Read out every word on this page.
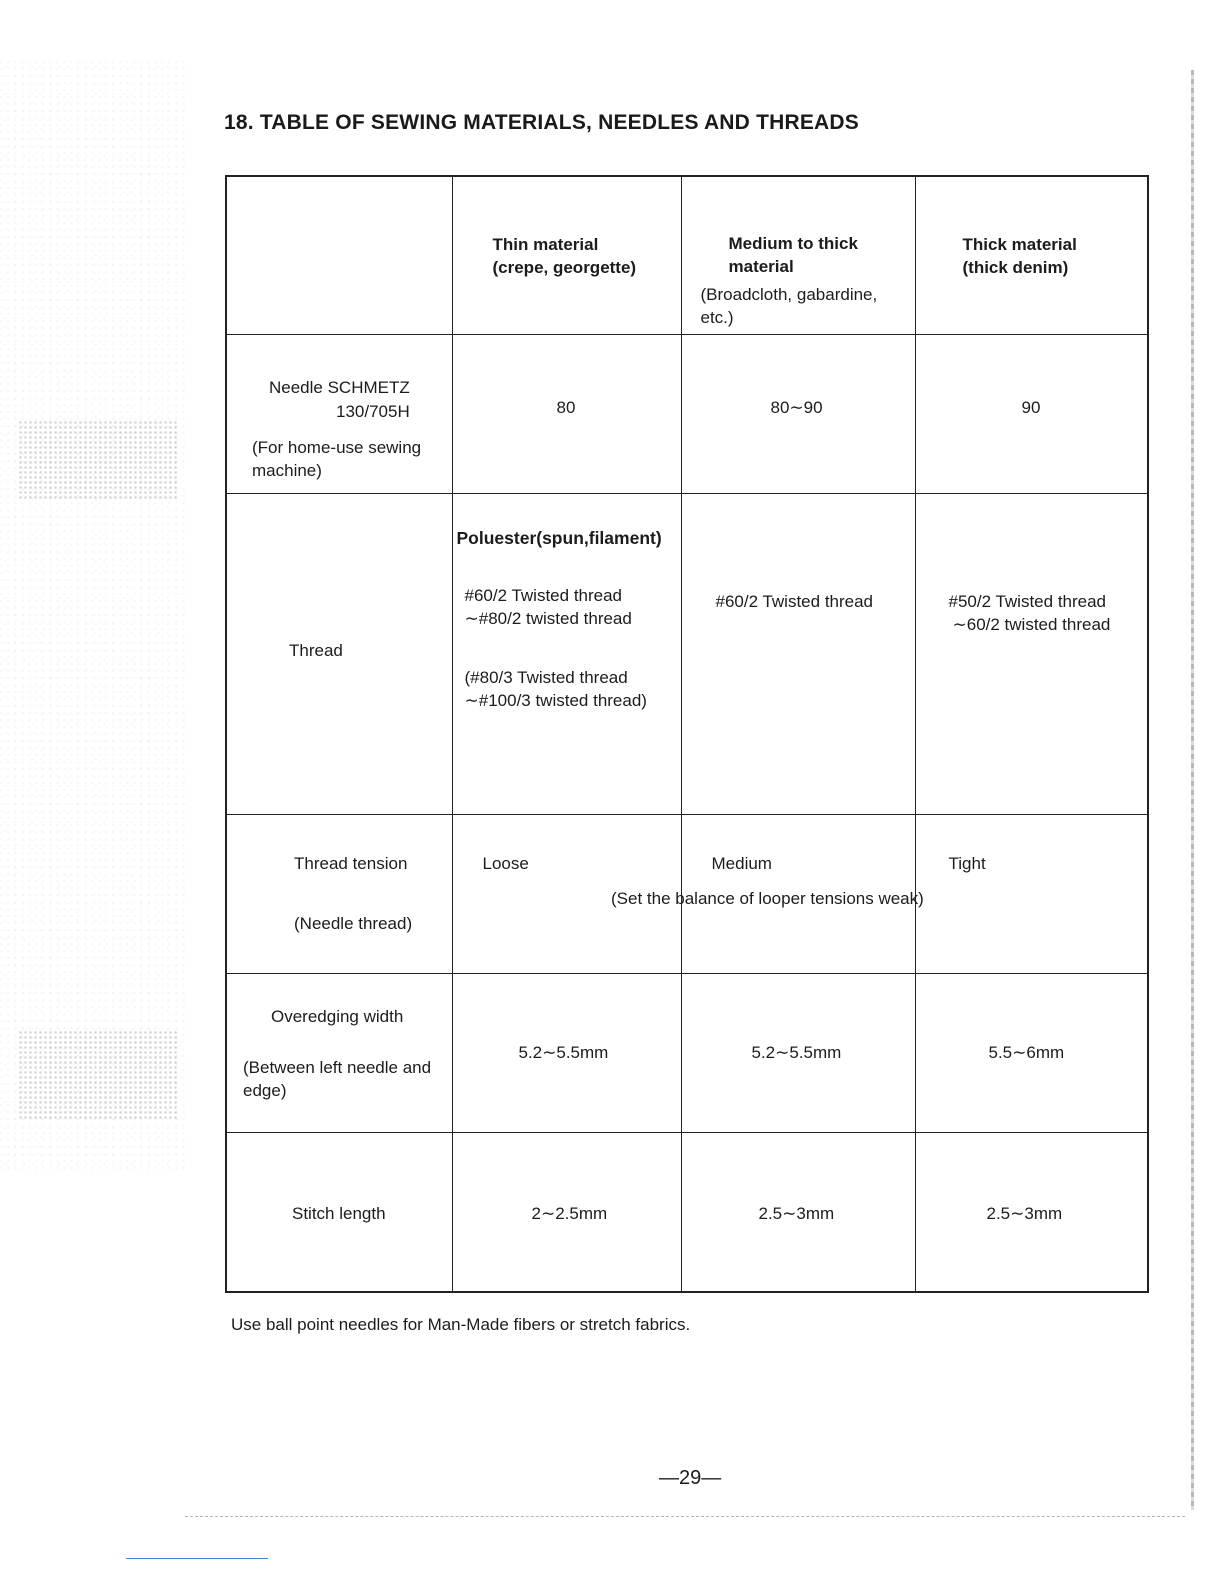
18. TABLE OF SEWING MATERIALS, NEEDLES AND THREADS

	Thin material
(crepe, georgette)	Medium to thick
material
(Broadcloth, gabardine,
etc.)	Thick material
(thick denim)

Needle SCHMETZ
130/705H
(For home-use sewing
machine)	80	80∼90	90

Thread	Poluester(spun,filament)
#60/2 Twisted thread
∼#80/2 twisted thread
(#80/3 Twisted thread
∼#100/3 twisted thread)	#60/2 Twisted thread	#50/2 Twisted thread
∼60/2 twisted thread

Thread tension
(Needle thread)	Loose	Medium	Tight

Overedging width
(Between left needle and
edge)	5.2∼5.5mm	5.2∼5.5mm	5.5∼6mm

Stitch length	2∼2.5mm	2.5∼3mm	2.5∼3mm
(Set the balance of looper tensions weak)
Use ball point needles for Man-Made fibers or stretch fabrics.
—29—
